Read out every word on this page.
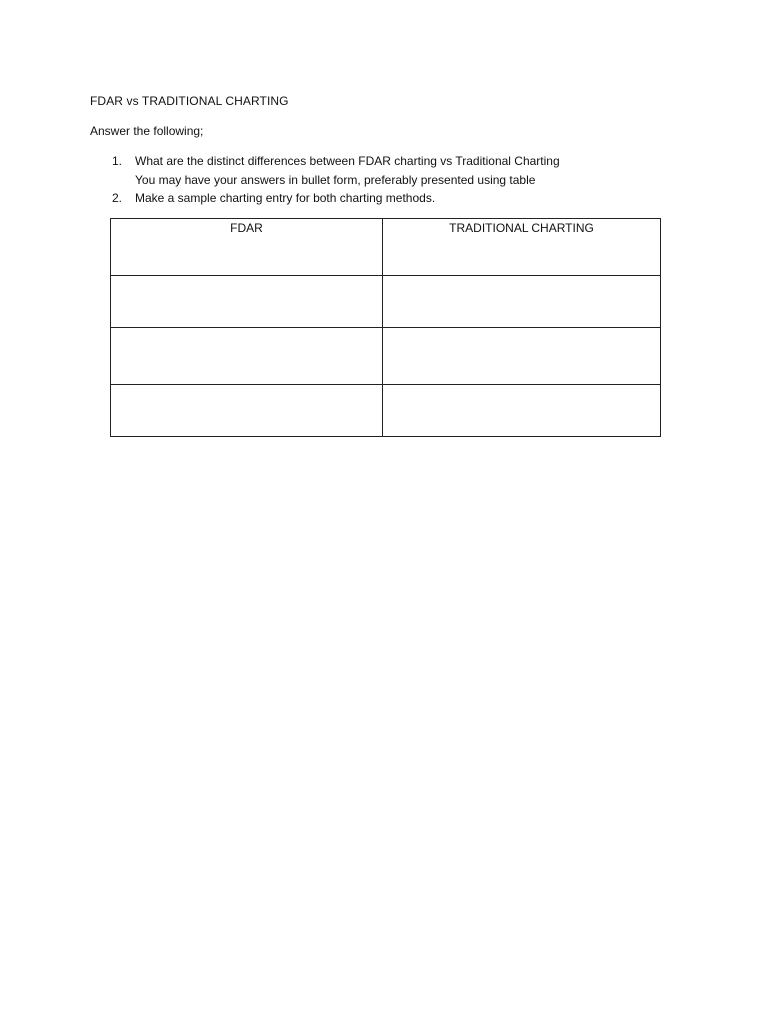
FDAR vs TRADITIONAL CHARTING
Answer the following;
1.	What are the distinct differences between FDAR charting vs Traditional Charting
You may have your answers in bullet form, preferably presented using table
2.	Make a sample charting entry for both charting methods.
FDAR	TRADITIONAL CHARTING
